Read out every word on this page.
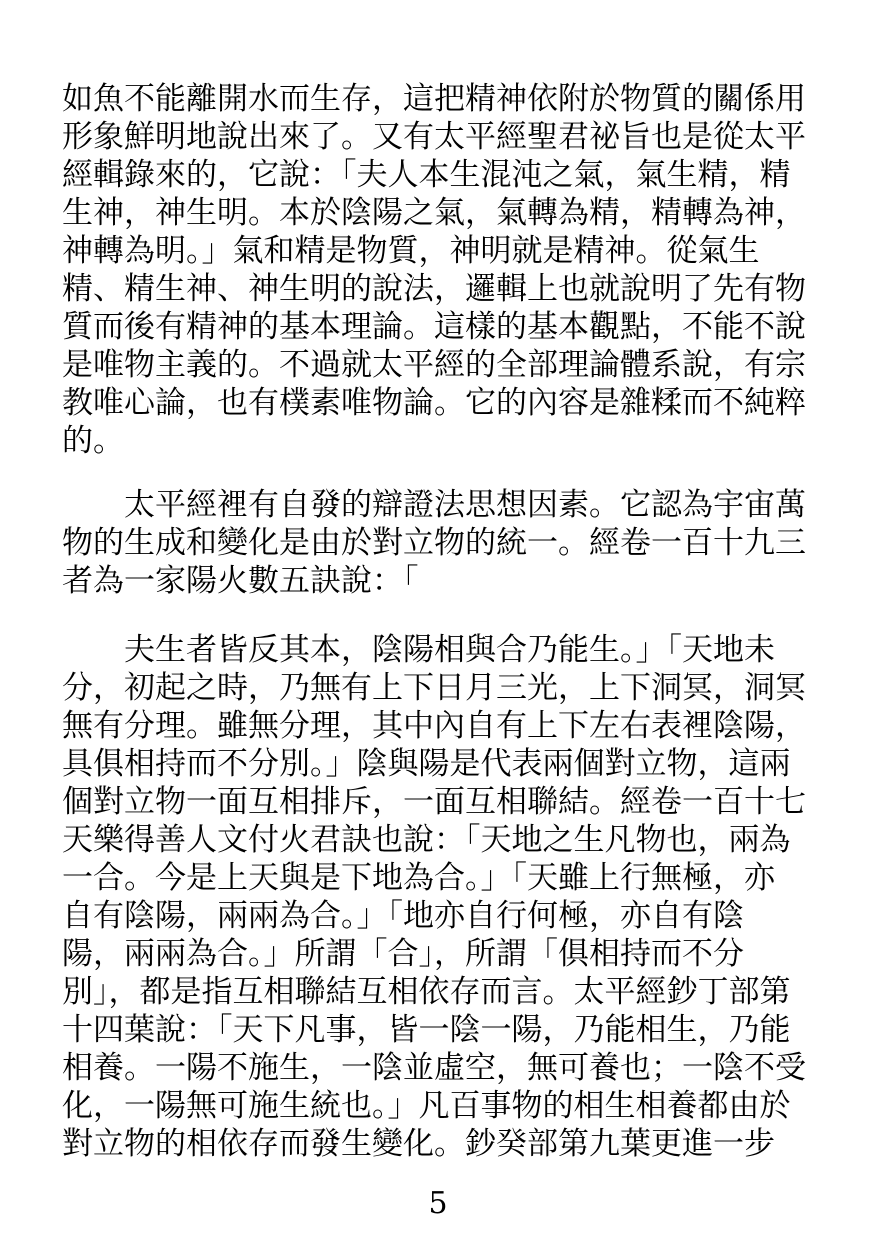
如魚不能離開水而生存，這把精神依附於物質的關係用
形象鮮明地說出來了。又有太平經聖君祕旨也是從太平
經輯錄來的，它說：「夫人本生混沌之氣，氣生精，精
生神，神生明。本於陰陽之氣，氣轉為精，精轉為神，
神轉為明。」氣和精是物質，神明就是精神。從氣生
精、精生神、神生明的說法，邏輯上也就說明了先有物
質而後有精神的基本理論。這樣的基本觀點，不能不說
是唯物主義的。不過就太平經的全部理論體系說，有宗
教唯心論，也有樸素唯物論。它的內容是雜糅而不純粹
的。
太平經裡有自發的辯證法思想因素。它認為宇宙萬
物的生成和變化是由於對立物的統一。經卷一百十九三
者為一家陽火數五訣說：「
夫生者皆反其本，陰陽相與合乃能生。」「天地未
分，初起之時，乃無有上下日月三光，上下洞冥，洞冥
無有分理。雖無分理，其中內自有上下左右表裡陰陽，
具俱相持而不分別。」陰與陽是代表兩個對立物，這兩
個對立物一面互相排斥，一面互相聯結。經卷一百十七
天樂得善人文付火君訣也說：「天地之生凡物也，兩為
一合。今是上天與是下地為合。」「天雖上行無極，亦
自有陰陽，兩兩為合。」「地亦自行何極，亦自有陰
陽，兩兩為合。」所謂「合」，所謂「俱相持而不分
別」，都是指互相聯結互相依存而言。太平經鈔丁部第
十四葉說：「天下凡事，皆一陰一陽，乃能相生，乃能
相養。一陽不施生，一陰並虛空，無可養也；一陰不受
化，一陽無可施生統也。」凡百事物的相生相養都由於
對立物的相依存而發生變化。鈔癸部第九葉更進一步
5
